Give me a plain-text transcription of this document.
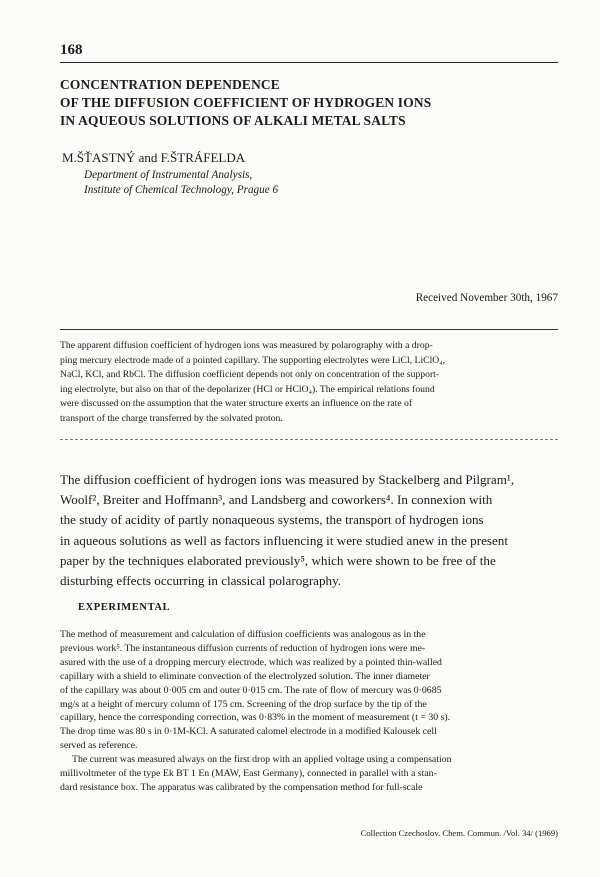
168
CONCENTRATION DEPENDENCE
OF THE DIFFUSION COEFFICIENT OF HYDROGEN IONS
IN AQUEOUS SOLUTIONS OF ALKALI METAL SALTS
M.ŠŤASTNÝ and F.ŠTRÁFELDA
Department of Instrumental Analysis,
Institute of Chemical Technology, Prague 6
Received November 30th, 1967

The apparent diffusion coefficient of hydrogen ions was measured by polarography with a drop-
ping mercury electrode made of a pointed capillary. The supporting electrolytes were LiCl, LiClO₄,
NaCl, KCl, and RbCl. The diffusion coefficient depends not only on concentration of the support-
ing electrolyte, but also on that of the depolarizer (HCl or HClO₄). The empirical relations found
were discussed on the assumption that the water structure exerts an influence on the rate of
transport of the charge transferred by the solvated proton.

The diffusion coefficient of hydrogen ions was measured by Stackelberg and Pilgram¹,
Woolf², Breiter and Hoffmann³, and Landsberg and coworkers⁴. In connexion with
the study of acidity of partly nonaqueous systems, the transport of hydrogen ions
in aqueous solutions as well as factors influencing it were studied anew in the present
paper by the techniques elaborated previously⁵, which were shown to be free of the
disturbing effects occurring in classical polarography.

EXPERIMENTAL

The method of measurement and calculation of diffusion coefficients was analogous as in the
previous work⁵. The instantaneous diffusion currents of reduction of hydrogen ions were me-
asured with the use of a dropping mercury electrode, which was realized by a pointed thin-walled
capillary with a shield to eliminate convection of the electrolyzed solution. The inner diameter
of the capillary was about 0·005 cm and outer 0·015 cm. The rate of flow of mercury was 0·0685
mg/s at a height of mercury column of 175 cm. Screening of the drop surface by the tip of the
capillary, hence the corresponding correction, was 0·83% in the moment of measurement (t = 30 s).
The drop time was 80 s in 0·1M-KCl. A saturated calomel electrode in a modified Kalousek cell
served as reference.
The current was measured always on the first drop with an applied voltage using a compensation
millivoltmeter of the type Ek BT 1 En (MAW, East Germany), connected in parallel with a stan-
dard resistance box. The apparatus was calibrated by the compensation method for full-scale

Collection Czechoslov. Chem. Commun. /Vol. 34/ (1969)
